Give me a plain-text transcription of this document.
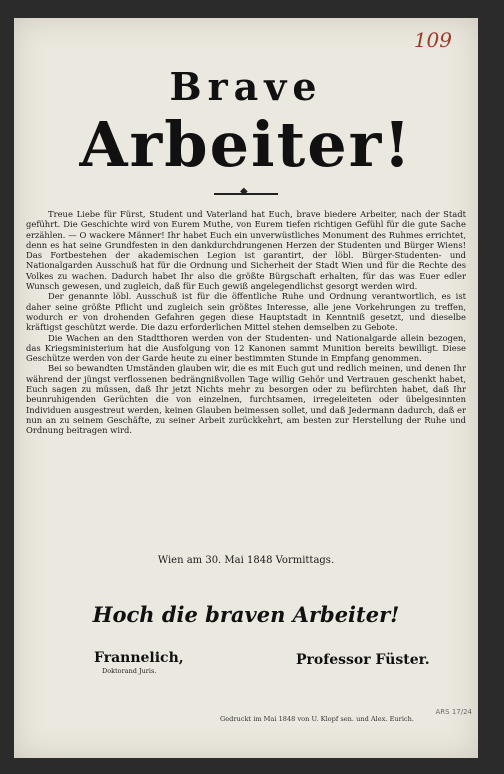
109
Brave
Arbeiter!
◆

Treue Liebe für Fürst, Student und Vaterland hat Euch, brave biedere Arbeiter, nach der Stadt geführt. Die Geschichte wird von Eurem Muthe, von Eurem tiefen richtigen Gefühl für die gute Sache erzählen. — O wackere Männer! Ihr habet Euch ein unverwüstliches Monument des Ruhmes errichtet, denn es hat seine Grundfesten in den dankdurchdrungenen Herzen der Studenten und Bürger Wiens! Das Fortbestehen der akademischen Legion ist garantirt, der löbl. Bürger-Studenten- und Nationalgarden Ausschuß hat für die Ordnung und Sicherheit der Stadt Wien und für die Rechte des Volkes zu wachen. Dadurch habet Ihr also die größte Bürgschaft erhalten, für das was Euer edler Wunsch gewesen, und zugleich, daß für Euch gewiß angelegendlichst gesorgt werden wird.

Der genannte löbl. Ausschuß ist für die öffentliche Ruhe und Ordnung verantwortlich, es ist daher seine größte Pflicht und zugleich sein größtes Interesse, alle jene Vorkehrungen zu treffen, wodurch er von drohenden Gefahren gegen diese Hauptstadt in Kenntniß gesetzt, und dieselbe kräftigst geschützt werde. Die dazu erforderlichen Mittel stehen demselben zu Gebote.

Die Wachen an den Stadtthoren werden von der Studenten- und Nationalgarde allein bezogen, das Kriegsministerium hat die Ausfolgung von 12 Kanonen sammt Munition bereits bewilligt. Diese Geschütze werden von der Garde heute zu einer bestimmten Stunde in Empfang genommen.

Bei so bewandten Umständen glauben wir, die es mit Euch gut und redlich meinen, und denen Ihr während der jüngst verflossenen bedrängnißvollen Tage willig Gehör und Vertrauen geschenkt habet, Euch sagen zu müssen, daß Ihr jetzt Nichts mehr zu besorgen oder zu befürchten habet, daß Ihr beunruhigenden Gerüchten die von einzelnen, furchtsamen, irregeleiteten oder übelgesinnten Individuen ausgestreut werden, keinen Glauben beimessen sollet, und daß Jedermann dadurch, daß er nun an zu seinem Geschäfte, zu seiner Arbeit zurückkehrt, am besten zur Herstellung der Ruhe und Ordnung beitragen wird.

Wien am 30. Mai 1848 Vormittags.
Hoch die braven Arbeiter!
Frannelich,
Doktorand Juris.
Professor Füster.
Gedruckt im Mai 1848 von U. Klopf sen. und Alex. Eurich.
ARS 17/24
